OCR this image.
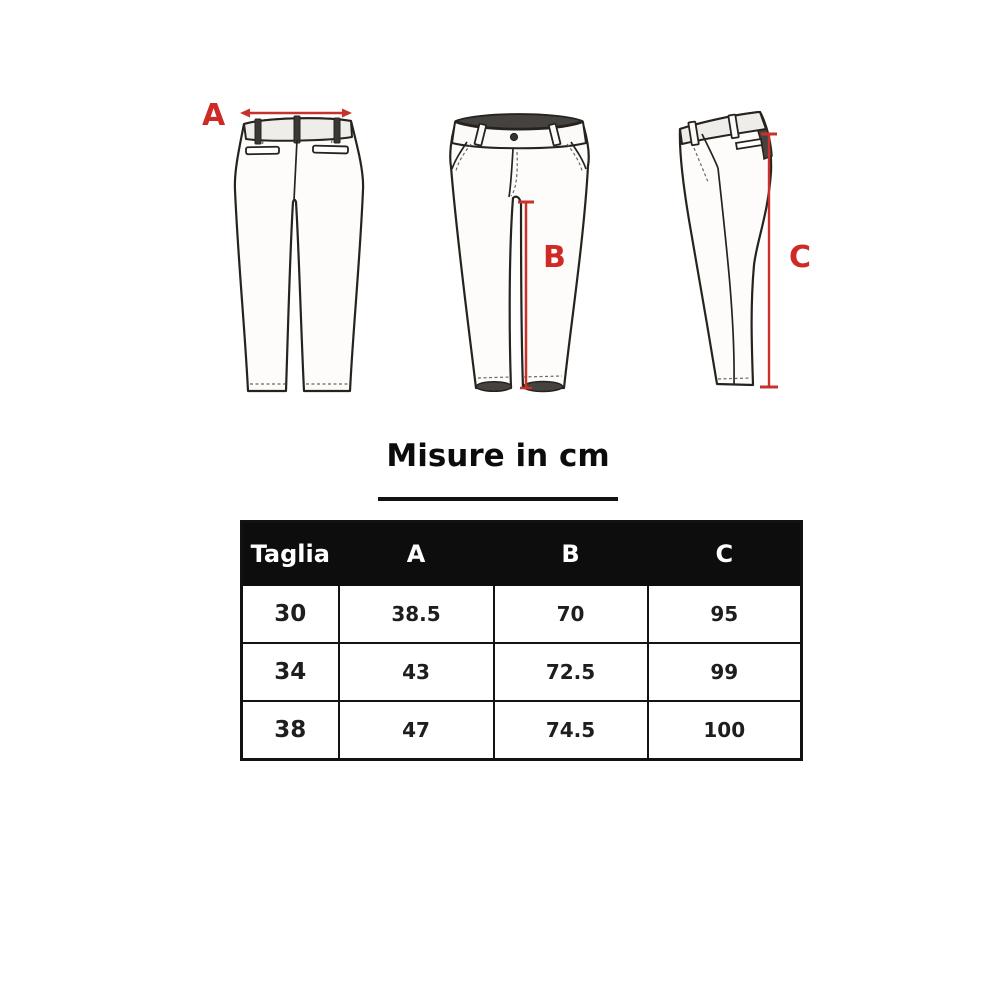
A
B	C
Misure in cm
Taglia	A	B	C
30	38.5	70	95
34	43	72.5	99
38	47	74.5	100
